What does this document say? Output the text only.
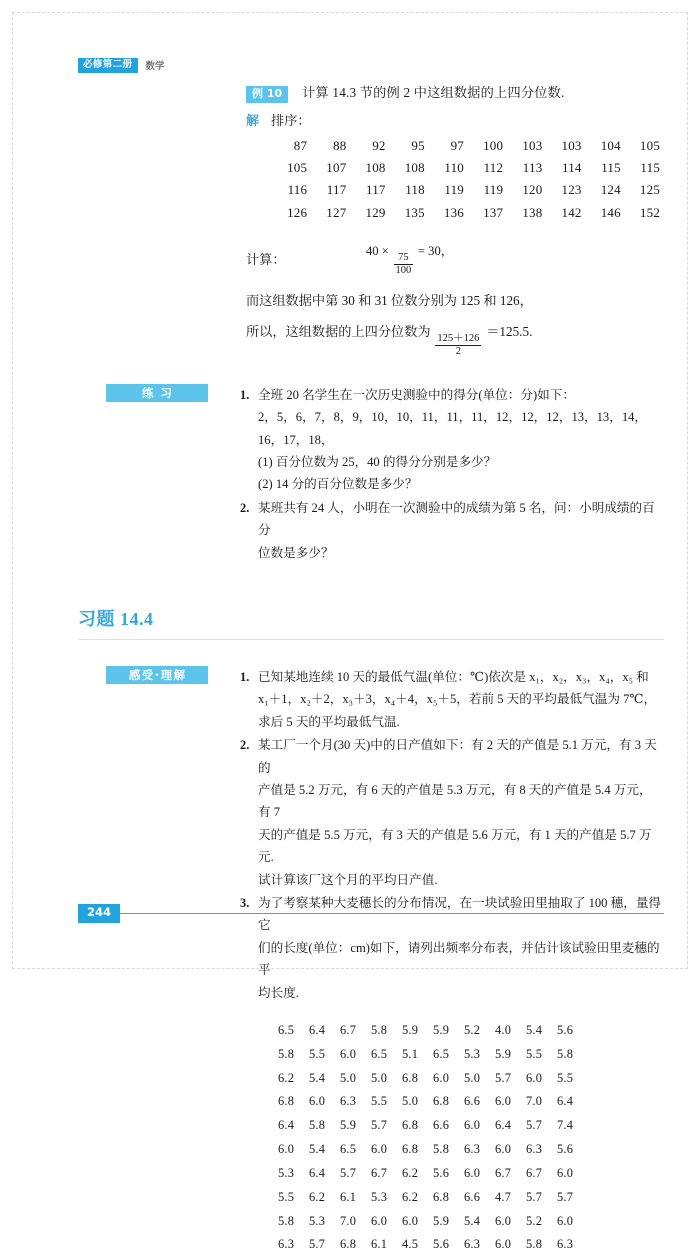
必修第二册	数学
例 10	计算 14.3 节的例 2 中这组数据的上四分位数.
解 排序：
87	88	92	95	97	100	103	103	104	105
105	107	108	108	110	112	113	114	115	115
116	117	117	118	119	119	120	123	124	125
126	127	129	135	136	137	138	142	146	152
计算：
40 ×
$\frac{75}{100}$
= 30，
而这组数据中第 30 和 31 位数分别为 125 和 126，
所以，这组数据的上四分位数为
$\frac{125+126}{2}$
＝125.5.
练习	1. 全班 20 名学生在一次历史测验中的得分(单位：分)如下：
2，5，6，7，8，9，10，10，11，11，11，12，12，12，13，13，14，16，17，18，
(1) 百分位数为 25，40 的得分分别是多少？
(2) 14 分的百分位数是多少？
2. 某班共有 24 人，小明在一次测验中的成绩为第 5 名，问：小明成绩的百分
位数是多少？
习题 14.4
感受·理解	1. 已知某地连续 10 天的最低气温(单位：℃)依次是 x₁，x₂，x₃，x₄，x₅ 和
x₁＋1，x₂＋2，x₃＋3，x₄＋4，x₅＋5，若前 5 天的平均最低气温为 7℃，
求后 5 天的平均最低气温.
2. 某工厂一个月(30 天)中的日产值如下：有 2 天的产值是 5.1 万元，有 3 天的
产值是 5.2 万元，有 6 天的产值是 5.3 万元，有 8 天的产值是 5.4 万元，有 7
天的产值是 5.5 万元，有 3 天的产值是 5.6 万元，有 1 天的产值是 5.7 万元.
试计算该厂这个月的平均日产值.
3. 为了考察某种大麦穗长的分布情况，在一块试验田里抽取了 100 穗，量得它
们的长度(单位：cm)如下，请列出频率分布表，并估计该试验田里麦穗的平
均长度.
6.5	6.4	6.7	5.8	5.9	5.9	5.2	4.0	5.4	5.6
5.8	5.5	6.0	6.5	5.1	6.5	5.3	5.9	5.5	5.8
6.2	5.4	5.0	5.0	6.8	6.0	5.0	5.7	6.0	5.5
6.8	6.0	6.3	5.5	5.0	6.8	6.6	6.0	7.0	6.4
6.4	5.8	5.9	5.7	6.8	6.6	6.0	6.4	5.7	7.4
6.0	5.4	6.5	6.0	6.8	5.8	6.3	6.0	6.3	5.6
5.3	6.4	5.7	6.7	6.2	5.6	6.0	6.7	6.7	6.0
5.5	6.2	6.1	5.3	6.2	6.8	6.6	4.7	5.7	5.7
5.8	5.3	7.0	6.0	6.0	5.9	5.4	6.0	5.2	6.0
6.3	5.7	6.8	6.1	4.5	5.6	6.3	6.0	5.8	6.3
244
